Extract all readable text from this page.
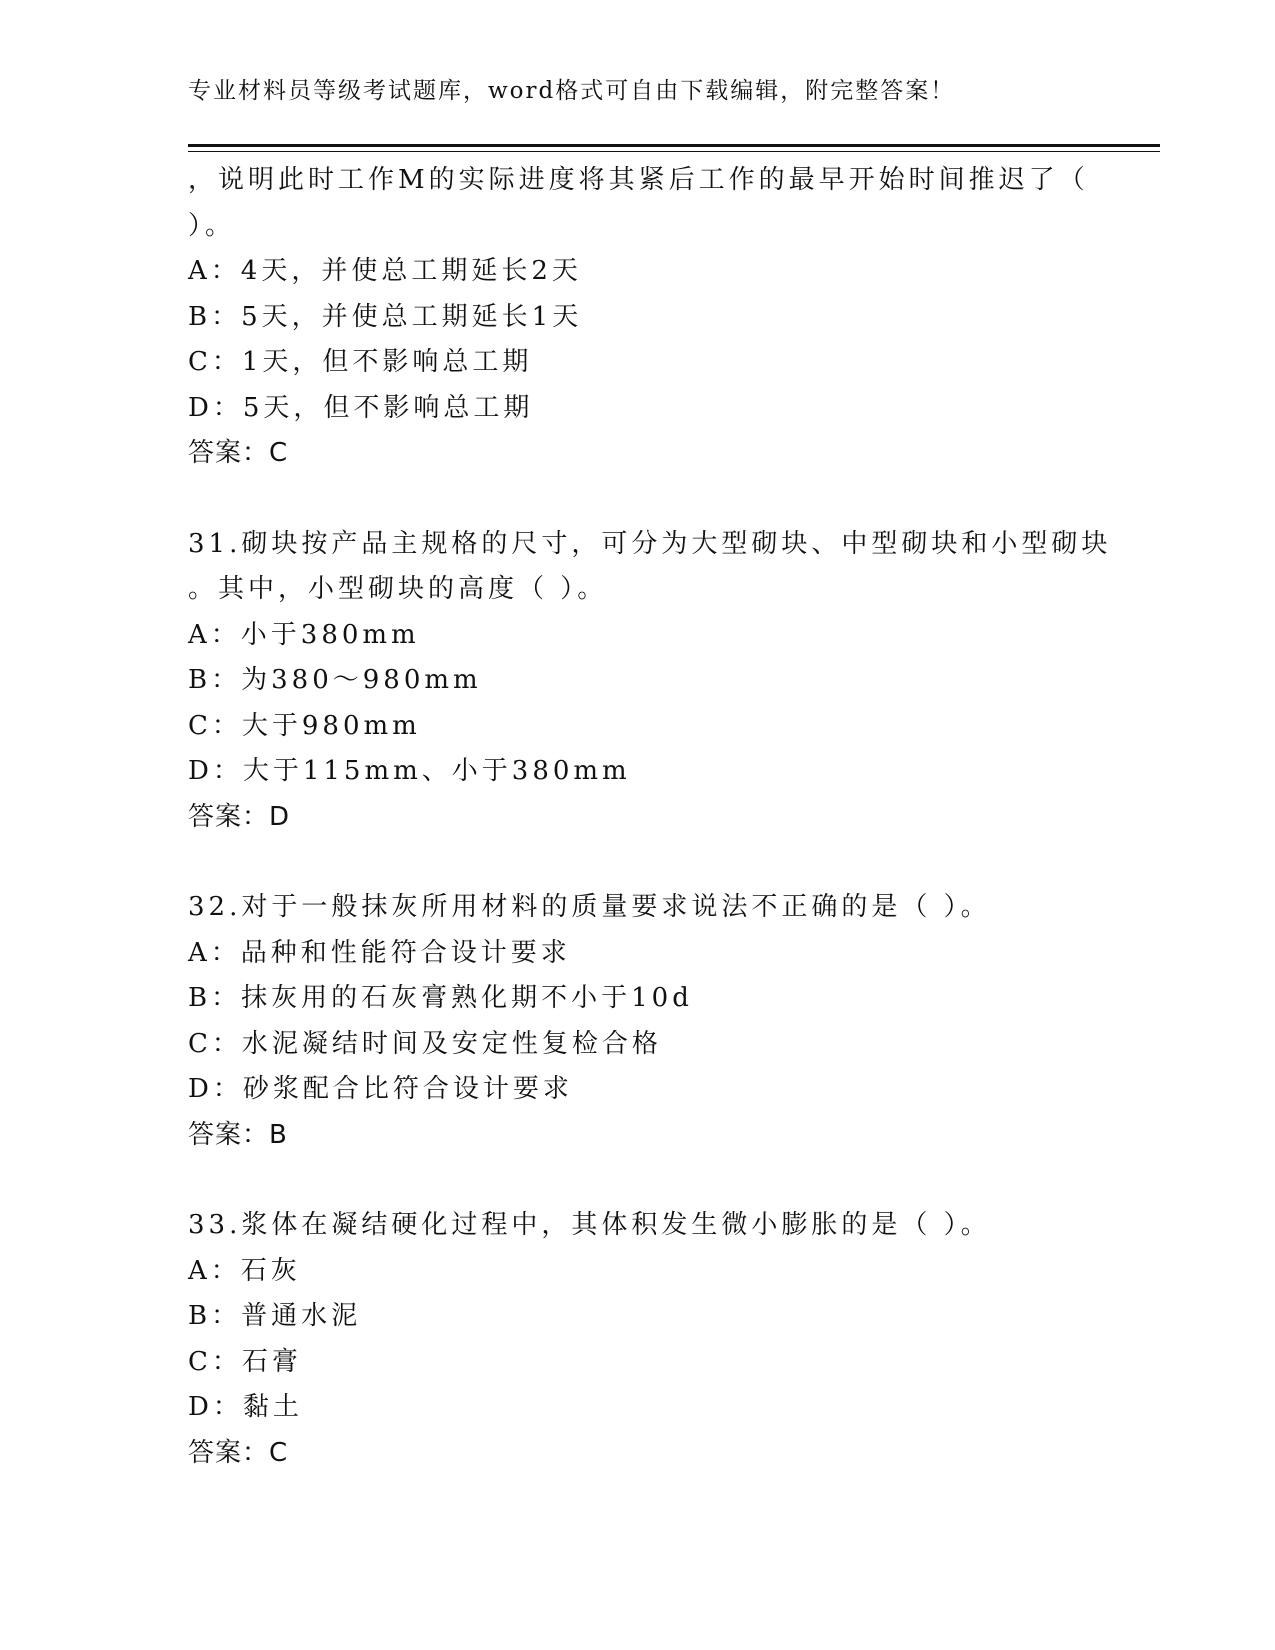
专业材料员等级考试题库，word格式可自由下载编辑，附完整答案！
，说明此时工作M的实际进度将其紧后工作的最早开始时间推迟了（
）。
A：4天，并使总工期延长2天
B：5天，并使总工期延长1天
C：1天，但不影响总工期
D：5天，但不影响总工期
答案：C
31.砌块按产品主规格的尺寸，可分为大型砌块、中型砌块和小型砌块
。其中，小型砌块的高度（ ）。
A：小于380mm
B：为380～980mm
C：大于980mm
D：大于115mm、小于380mm
答案：D
32.对于一般抹灰所用材料的质量要求说法不正确的是（ ）。
A：品种和性能符合设计要求
B：抹灰用的石灰膏熟化期不小于10d
C：水泥凝结时间及安定性复检合格
D：砂浆配合比符合设计要求
答案：B
33.浆体在凝结硬化过程中，其体积发生微小膨胀的是（ ）。
A：石灰
B：普通水泥
C：石膏
D：黏土
答案：C
